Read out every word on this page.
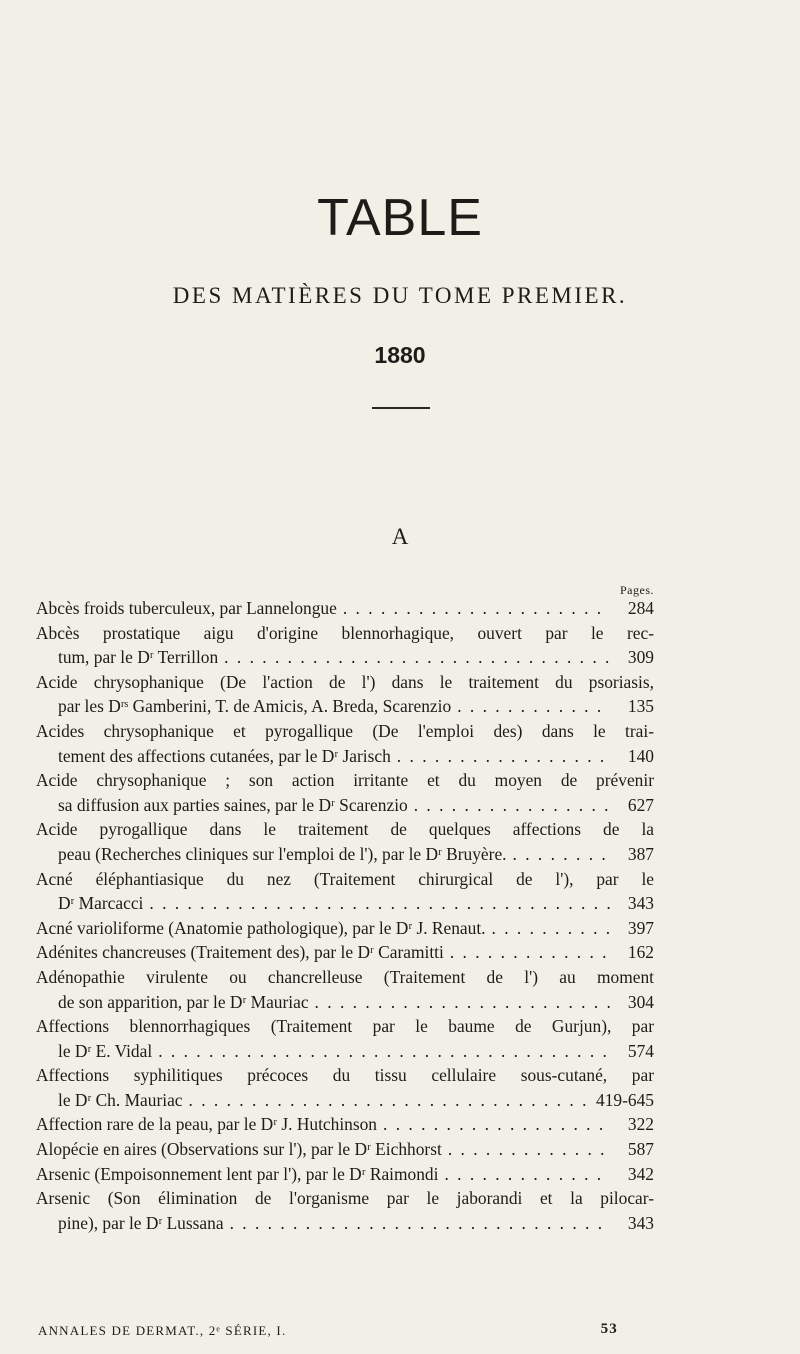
TABLE
DES MATIÈRES DU TOME PREMIER.
1880
A
Pages.
Abcès froids tuberculeux, par Lannelongue . . .	284
Abcès prostatique aigu d'origine blennorhagique, ouvert par le rec-
tum, par le Dʳ Terrillon . . .	309
Acide chrysophanique (De l'action de l') dans le traitement du psoriasis,
par les Dʳˢ Gamberini, T. de Amicis, A. Breda, Scarenzio . . .	135
Acides chrysophanique et pyrogallique (De l'emploi des) dans le trai-
tement des affections cutanées, par le Dʳ Jarisch . . .	140
Acide chrysophanique ; son action irritante et du moyen de prévenir
sa diffusion aux parties saines, par le Dʳ Scarenzio . . .	627
Acide pyrogallique dans le traitement de quelques affections de la
peau (Recherches cliniques sur l'emploi de l'), par le Dʳ Bruyère. . . .	387
Acné éléphantiasique du nez (Traitement chirurgical de l'), par le
Dʳ Marcacci . . .	343
Acné varioliforme (Anatomie pathologique), par le Dʳ J. Renaut. . . .	397
Adénites chancreuses (Traitement des), par le Dʳ Caramitti . . .	162
Adénopathie virulente ou chancrelleuse (Traitement de l') au moment
de son apparition, par le Dʳ Mauriac . . .	304
Affections blennorrhagiques (Traitement par le baume de Gurjun), par
le Dʳ E. Vidal . . .	574
Affections syphilitiques précoces du tissu cellulaire sous-cutané, par
le Dʳ Ch. Mauriac . . .	419-645
Affection rare de la peau, par le Dʳ J. Hutchinson . . .	322
Alopécie en aires (Observations sur l'), par le Dʳ Eichhorst . . .	587
Arsenic (Empoisonnement lent par l'), par le Dʳ Raimondi . . .	342
Arsenic (Son élimination de l'organisme par le jaborandi et la pilocar-
pine), par le Dʳ Lussana . . .	343
ANNALES DE DERMAT., 2ᵉ SÉRIE, I.	53
